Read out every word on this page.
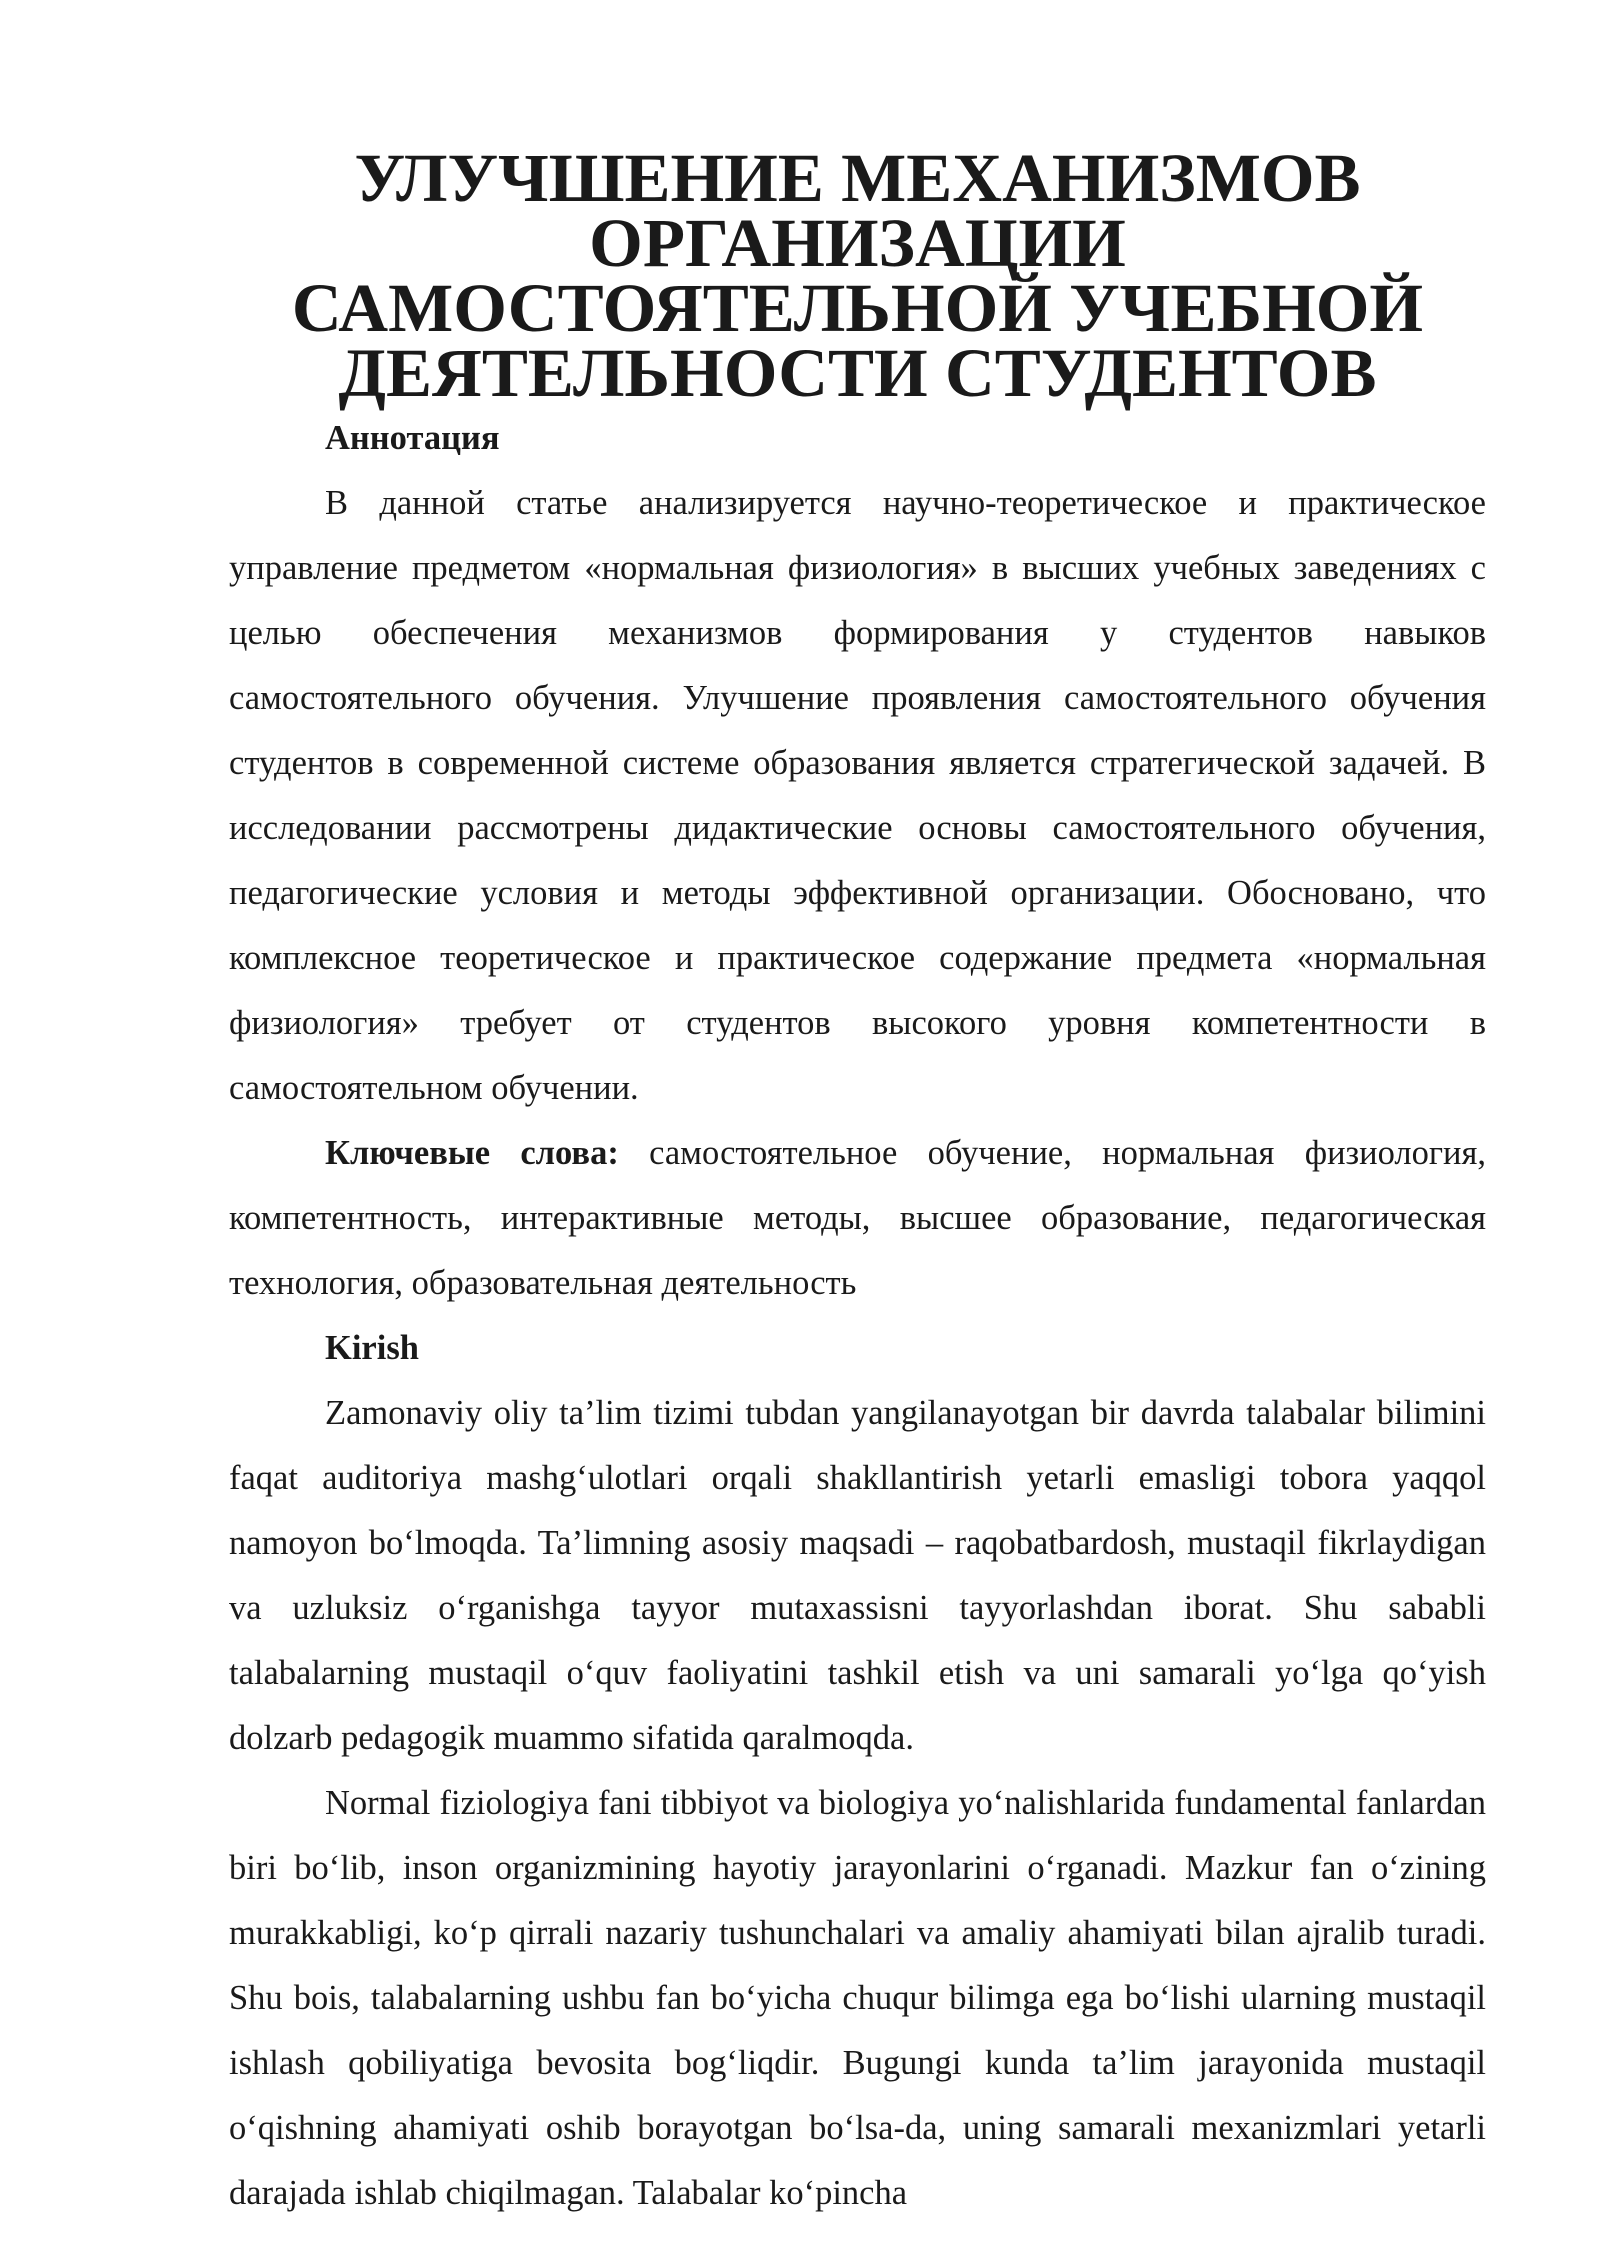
УЛУЧШЕНИЕ МЕХАНИЗМОВ ОРГАНИЗАЦИИ
САМОСТОЯТЕЛЬНОЙ УЧЕБНОЙ ДЕЯТЕЛЬНОСТИ СТУДЕНТОВ

Аннотация

В данной статье анализируется научно-теоретическое и практическое управление предметом «нормальная физиология» в высших учебных заведениях с целью обеспечения механизмов формирования у студентов навыков самостоятельного обучения. Улучшение проявления самостоятельного обучения студентов в современной системе образования является стратегической задачей. В исследовании рассмотрены дидактические основы самостоятельного обучения, педагогические условия и методы эффективной организации. Обосновано, что комплексное теоретическое и практическое содержание предмета «нормальная физиология» требует от студентов высокого уровня компетентности в самостоятельном обучении.

Ключевые слова: самостоятельное обучение, нормальная физиология, компетентность, интерактивные методы, высшее образование, педагогическая технология, образовательная деятельность

Kirish

Zamonaviy oliy ta’lim tizimi tubdan yangilanayotgan bir davrda talabalar bilimini faqat auditoriya mashg‘ulotlari orqali shakllantirish yetarli emasligi tobora yaqqol namoyon bo‘lmoqda. Ta’limning asosiy maqsadi – raqobatbardosh, mustaqil fikrlaydigan va uzluksiz o‘rganishga tayyor mutaxassisni tayyorlashdan iborat. Shu sababli talabalarning mustaqil o‘quv faoliyatini tashkil etish va uni samarali yo‘lga qo‘yish dolzarb pedagogik muammo sifatida qaralmoqda.

Normal fiziologiya fani tibbiyot va biologiya yo‘nalishlarida fundamental fanlardan biri bo‘lib, inson organizmining hayotiy jarayonlarini o‘rganadi. Mazkur fan o‘zining murakkabligi, ko‘p qirrali nazariy tushunchalari va amaliy ahamiyati bilan ajralib turadi. Shu bois, talabalarning ushbu fan bo‘yicha chuqur bilimga ega bo‘lishi ularning mustaqil ishlash qobiliyatiga bevosita bog‘liqdir. Bugungi kunda ta’lim jarayonida mustaqil o‘qishning ahamiyati oshib borayotgan bo‘lsa-da, uning samarali mexanizmlari yetarli darajada ishlab chiqilmagan. Talabalar ko‘pincha
